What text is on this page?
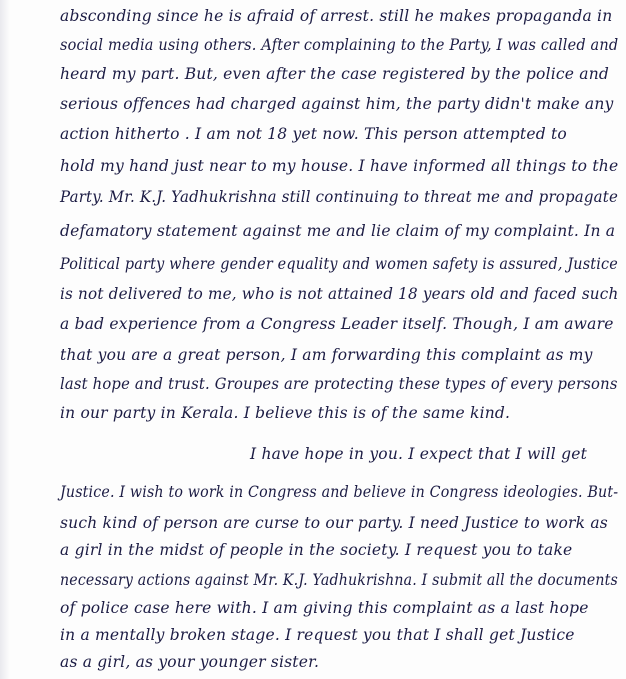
absconding since he is afraid of arrest. still he makes propaganda in
social media using others. After complaining to the Party, I was called and
heard my part. But, even after the case registered by the police and
serious offences had charged against him, the party didn't make any
action hitherto . I am not 18 yet now. This person attempted to
hold my hand just near to my house. I have informed all things to the
Party. Mr. K.J. Yadhukrishna still continuing to threat me and propagate
defamatory statement against me and lie claim of my complaint. In a
Political party where gender equality and women safety is assured, Justice
is not delivered to me, who is not attained 18 years old and faced such
a bad experience from a Congress Leader itself. Though, I am aware
that you are a great person, I am forwarding this complaint as my
last hope and trust. Groupes are protecting these types of every persons
in our party in Kerala. I believe this is of the same kind.
I have hope in you. I expect that I will get
Justice. I wish to work in Congress and believe in Congress ideologies. But-
such kind of person are curse to our party. I need Justice to work as
a girl in the midst of people in the society. I request you to take
necessary actions against Mr. K.J. Yadhukrishna. I submit all the documents
of police case here with. I am giving this complaint as a last hope
in a mentally broken stage. I request you that I shall get Justice
as a girl, as your younger sister.
